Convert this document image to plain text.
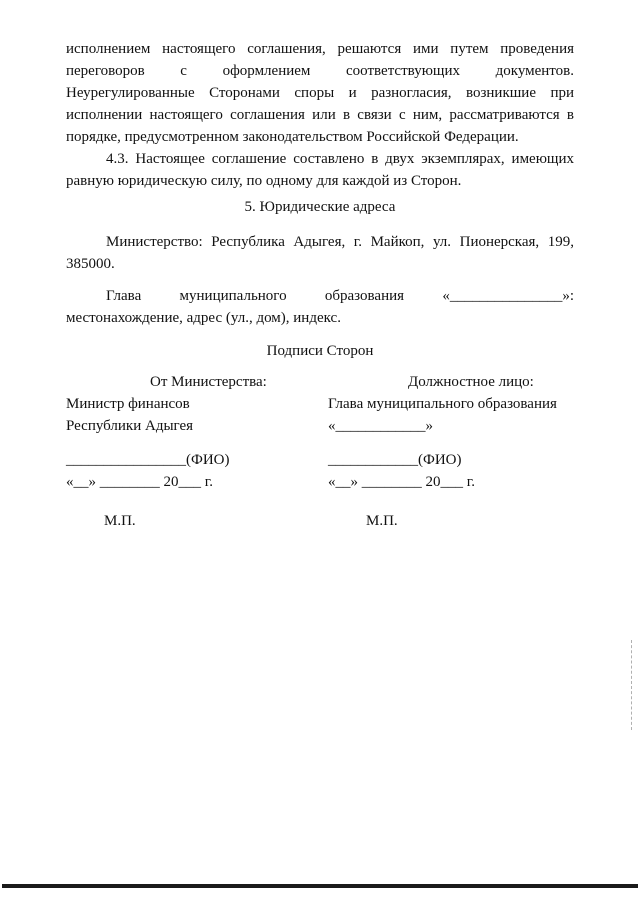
исполнением настоящего соглашения, решаются ими путем проведения переговоров с оформлением соответствующих документов. Неурегулированные Сторонами споры и разногласия, возникшие при исполнении настоящего соглашения или в связи с ним, рассматриваются в порядке, предусмотренном законодательством Российской Федерации.

4.3. Настоящее соглашение составлено в двух экземплярах, имеющих равную юридическую силу, по одному для каждой из Сторон.

5. Юридические адреса

Министерство: Республика Адыгея, г. Майкоп, ул. Пионерская, 199, 385000.

Глава муниципального образования «_______________»:

местонахождение, адрес (ул., дом), индекс.

Подписи Сторон

От Министерства:

Министр финансов

Республики Адыгея

________________(ФИО)

«__» ________ 20___ г.

М.П.

Должностное лицо:

Глава муниципального образования

«____________»

____________(ФИО)

«__» ________ 20___ г.

М.П.
